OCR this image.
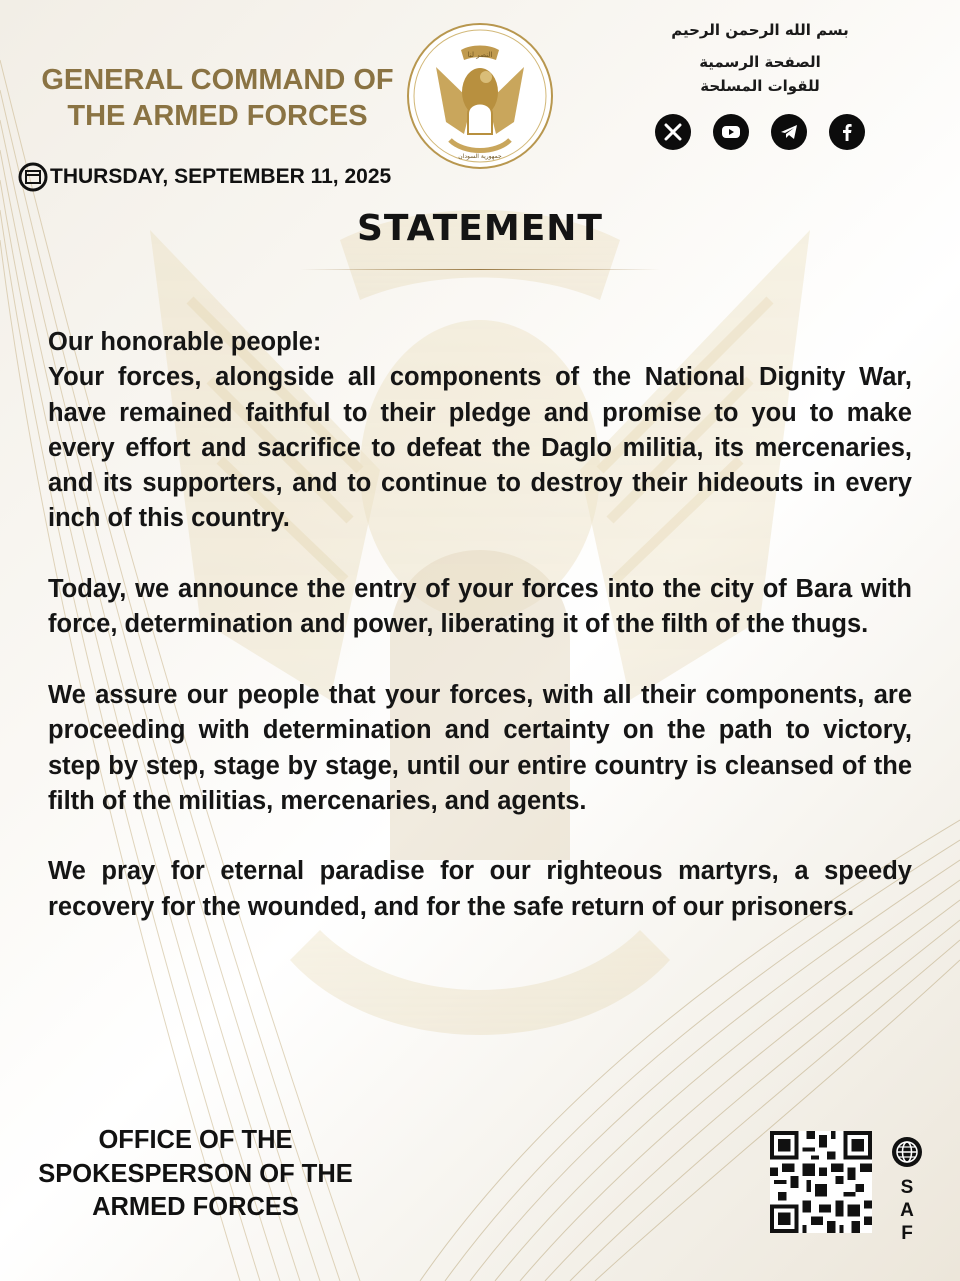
GENERAL COMMAND OF
THE ARMED FORCES
النصر لنا
جمهورية السودان
بسم الله الرحمن الرحيم
الصفحة الرسمية
للقوات المسلحة
THURSDAY, SEPTEMBER 11, 2025
STATEMENT
Our honorable people:

Your forces, alongside all components of the National Dignity War, have remained faithful to their pledge and promise to you to make every effort and sacrifice to defeat the Daglo militia, its mercenaries, and its supporters, and to continue to destroy their hideouts in every inch of this country.

Today, we announce the entry of your forces into the city of Bara with force, determination and power, liberating it of the filth of the thugs.

We assure our people that your forces, with all their components, are proceeding with determination and certainty on the path to victory, step by step, stage by stage, until our entire country is cleansed of the filth of the militias, mercenaries, and agents.

We pray for eternal paradise for our righteous martyrs, a speedy recovery for the wounded, and for the safe return of our prisoners.

OFFICE OF THE
SPOKESPERSON OF THE
ARMED FORCES
S
A
F
